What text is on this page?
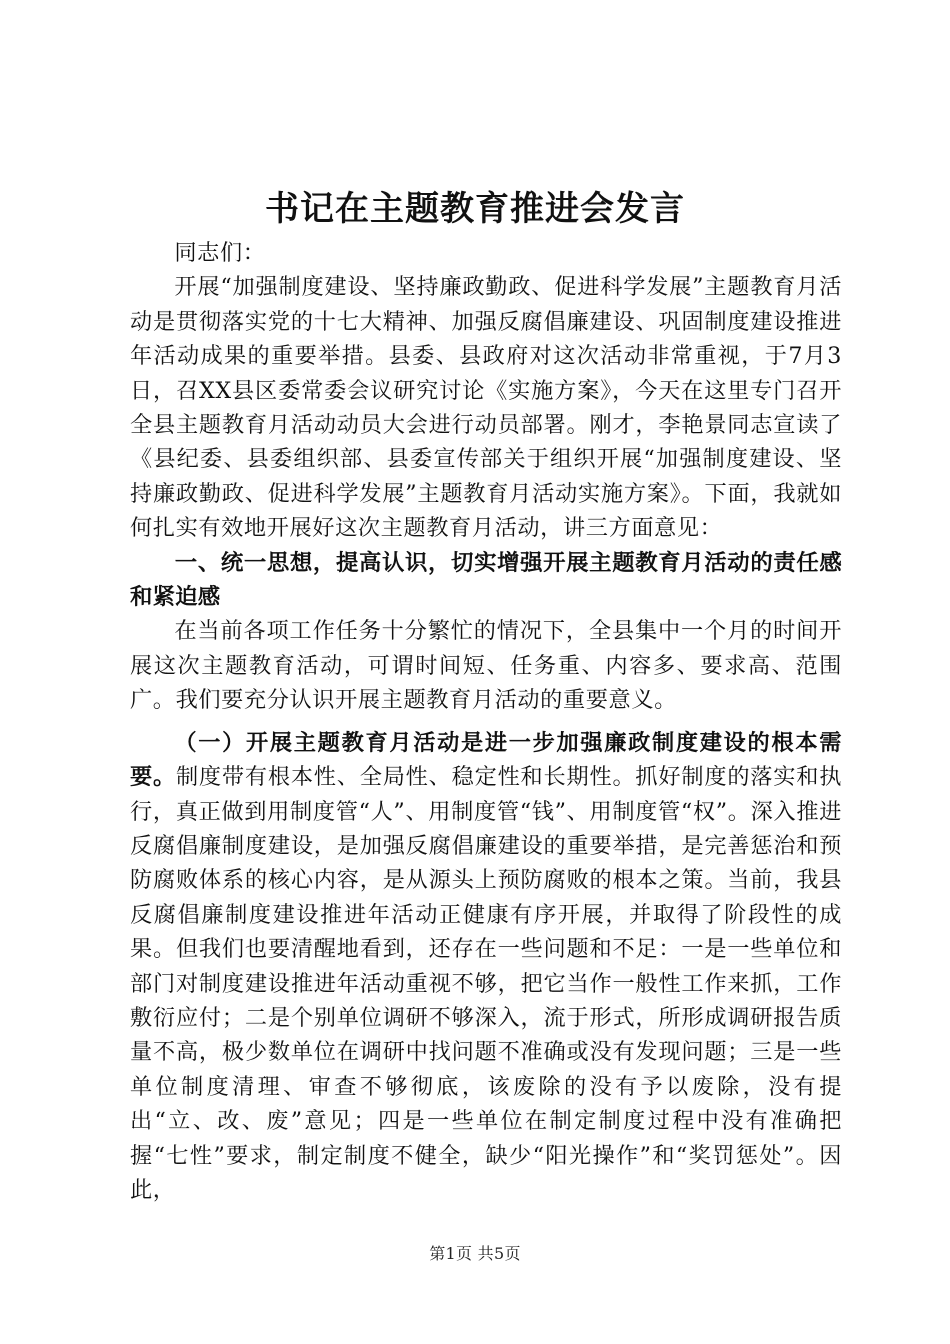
书记在主题教育推进会发言

同志们：

开展“加强制度建设、坚持廉政勤政、促进科学发展”主题教育月活动是贯彻落实党的十七大精神、加强反腐倡廉建设、巩固制度建设推进年活动成果的重要举措。县委、县政府对这次活动非常重视，于7月3日，召XX县区委常委会议研究讨论《实施方案》，今天在这里专门召开全县主题教育月活动动员大会进行动员部署。刚才，李艳景同志宣读了《县纪委、县委组织部、县委宣传部关于组织开展“加强制度建设、坚持廉政勤政、促进科学发展”主题教育月活动实施方案》。下面，我就如何扎实有效地开展好这次主题教育月活动，讲三方面意见：

一、统一思想，提高认识，切实增强开展主题教育月活动的责任感和紧迫感

在当前各项工作任务十分繁忙的情况下，全县集中一个月的时间开展这次主题教育活动，可谓时间短、任务重、内容多、要求高、范围广。我们要充分认识开展主题教育月活动的重要意义。

（一）开展主题教育月活动是进一步加强廉政制度建设的根本需要。制度带有根本性、全局性、稳定性和长期性。抓好制度的落实和执行，真正做到用制度管“人”、用制度管“钱”、用制度管“权”。深入推进反腐倡廉制度建设，是加强反腐倡廉建设的重要举措，是完善惩治和预防腐败体系的核心内容，是从源头上预防腐败的根本之策。当前，我县反腐倡廉制度建设推进年活动正健康有序开展，并取得了阶段性的成果。但我们也要清醒地看到，还存在一些问题和不足：一是一些单位和部门对制度建设推进年活动重视不够，把它当作一般性工作来抓，工作敷衍应付；二是个别单位调研不够深入，流于形式，所形成调研报告质量不高，极少数单位在调研中找问题不准确或没有发现问题；三是一些单位制度清理、审查不够彻底，该废除的没有予以废除，没有提出“立、改、废”意见；四是一些单位在制定制度过程中没有准确把握“七性”要求，制定制度不健全，缺少“阳光操作”和“奖罚惩处”。因此，

第1页 共5页
